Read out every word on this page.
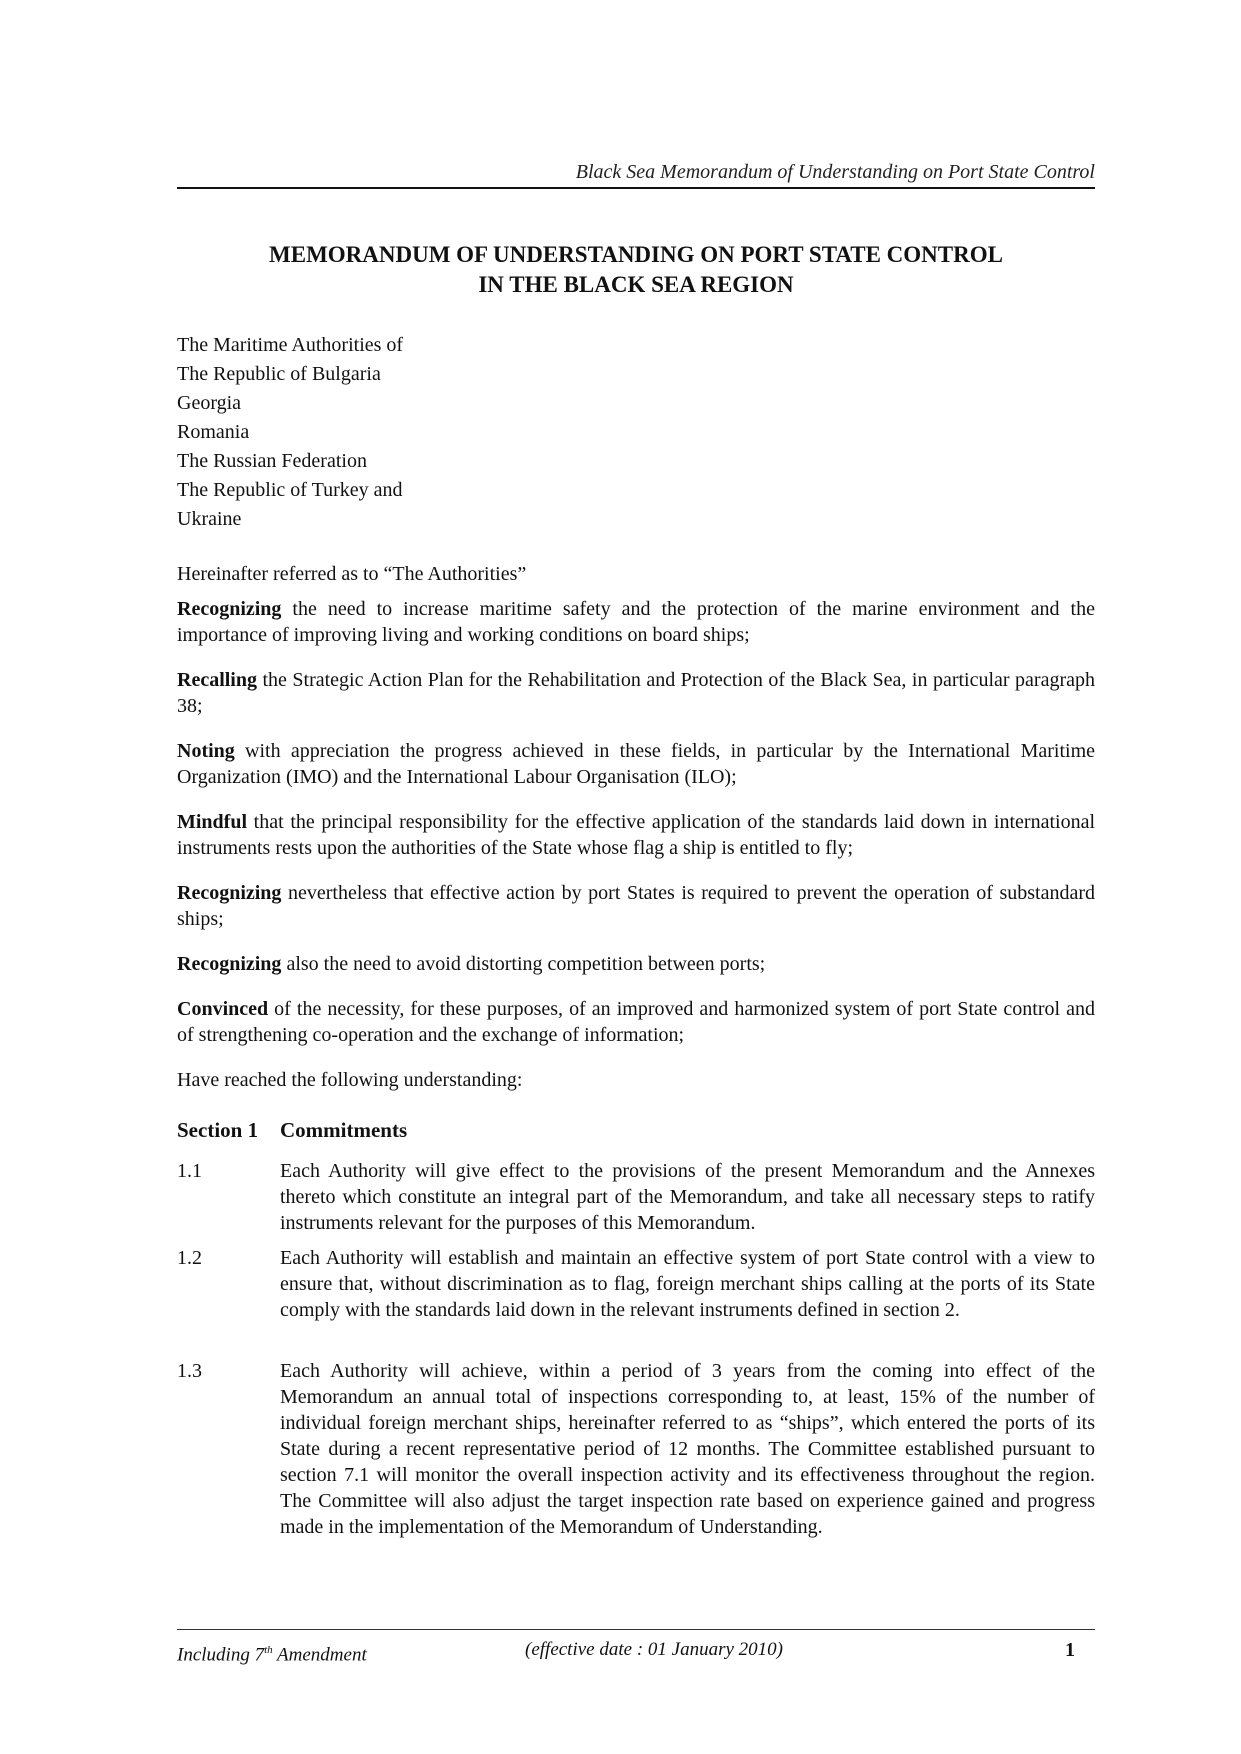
Black Sea Memorandum of Understanding on Port State Control
MEMORANDUM OF UNDERSTANDING ON PORT STATE CONTROL
IN THE BLACK SEA REGION
The Maritime Authorities of
The Republic of Bulgaria
Georgia
Romania
The Russian Federation
The Republic of Turkey and
Ukraine
Hereinafter referred as to “The Authorities”
Recognizing the need to increase maritime safety and the protection of the marine environment and the importance of improving living and working conditions on board ships;
Recalling the Strategic Action Plan for the Rehabilitation and Protection of the Black Sea, in particular paragraph 38;
Noting with appreciation the progress achieved in these fields, in particular by the International Maritime Organization (IMO) and the International Labour Organisation (ILO);
Mindful that the principal responsibility for the effective application of the standards laid down in international instruments rests upon the authorities of the State whose flag a ship is entitled to fly;
Recognizing nevertheless that effective action by port States is required to prevent the operation of substandard ships;
Recognizing also the need to avoid distorting competition between ports;
Convinced of the necessity, for these purposes, of an improved and harmonized system of port State control and of strengthening co-operation and the exchange of information;
Have reached the following understanding:
Section 1 Commitments
1.1	Each Authority will give effect to the provisions of the present Memorandum and the Annexes thereto which constitute an integral part of the Memorandum, and take all necessary steps to ratify instruments relevant for the purposes of this Memorandum.
1.2	Each Authority will establish and maintain an effective system of port State control with a view to ensure that, without discrimination as to flag, foreign merchant ships calling at the ports of its State comply with the standards laid down in the relevant instruments defined in section 2.
1.3	Each Authority will achieve, within a period of 3 years from the coming into effect of the Memorandum an annual total of inspections corresponding to, at least, 15% of the number of individual foreign merchant ships, hereinafter referred to as “ships”, which entered the ports of its State during a recent representative period of 12 months. The Committee established pursuant to section 7.1 will monitor the overall inspection activity and its effectiveness throughout the region. The Committee will also adjust the target inspection rate based on experience gained and progress made in the implementation of the Memorandum of Understanding.
Including 7th Amendment	(effective date : 01 January 2010)	1
